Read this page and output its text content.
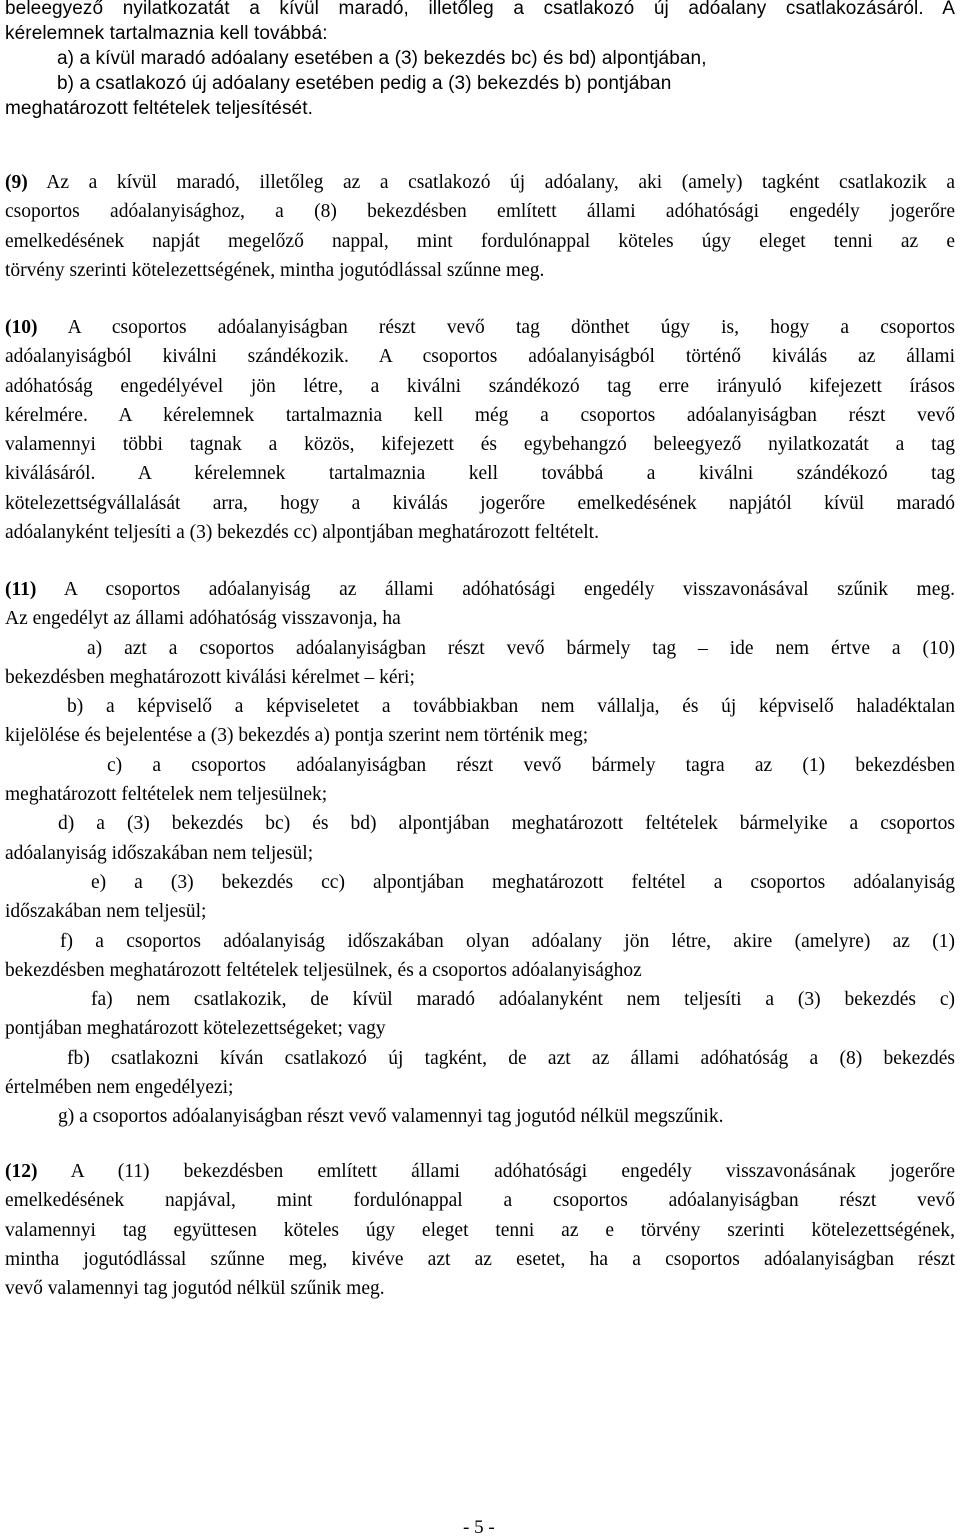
beleegyező nyilatkozatát a kívül maradó, illetőleg a csatlakozó új adóalany csatlakozásáról. A
kérelemnek tartalmaznia kell továbbá:
a) a kívül maradó adóalany esetében a (3) bekezdés bc) és bd) alpontjában,
b) a csatlakozó új adóalany esetében pedig a (3) bekezdés b) pontjában
meghatározott feltételek teljesítését.
(9) Az a kívül maradó, illetőleg az a csatlakozó új adóalany, aki (amely) tagként csatlakozik a
csoportos adóalanyisághoz, a (8) bekezdésben említett állami adóhatósági engedély jogerőre
emelkedésének napját megelőző nappal, mint fordulónappal köteles úgy eleget tenni az e
törvény szerinti kötelezettségének, mintha jogutódlással szűnne meg.
(10) A csoportos adóalanyiságban részt vevő tag dönthet úgy is, hogy a csoportos
adóalanyiságból kiválni szándékozik. A csoportos adóalanyiságból történő kiválás az állami
adóhatóság engedélyével jön létre, a kiválni szándékozó tag erre irányuló kifejezett írásos
kérelmére. A kérelemnek tartalmaznia kell még a csoportos adóalanyiságban részt vevő
valamennyi többi tagnak a közös, kifejezett és egybehangzó beleegyező nyilatkozatát a tag
kiválásáról. A kérelemnek tartalmaznia kell továbbá a kiválni szándékozó tag
kötelezettségvállalását arra, hogy a kiválás jogerőre emelkedésének napjától kívül maradó
adóalanyként teljesíti a (3) bekezdés cc) alpontjában meghatározott feltételt.
(11) A csoportos adóalanyiság az állami adóhatósági engedély visszavonásával szűnik meg.
Az engedélyt az állami adóhatóság visszavonja, ha
a) azt a csoportos adóalanyiságban részt vevő bármely tag – ide nem értve a (10)
bekezdésben meghatározott kiválási kérelmet – kéri;
b) a képviselő a képviseletet a továbbiakban nem vállalja, és új képviselő haladéktalan
kijelölése és bejelentése a (3) bekezdés a) pontja szerint nem történik meg;
c) a csoportos adóalanyiságban részt vevő bármely tagra az (1) bekezdésben
meghatározott feltételek nem teljesülnek;
d) a (3) bekezdés bc) és bd) alpontjában meghatározott feltételek bármelyike a csoportos
adóalanyiság időszakában nem teljesül;
e) a (3) bekezdés cc) alpontjában meghatározott feltétel a csoportos adóalanyiság
időszakában nem teljesül;
f) a csoportos adóalanyiság időszakában olyan adóalany jön létre, akire (amelyre) az (1)
bekezdésben meghatározott feltételek teljesülnek, és a csoportos adóalanyisághoz
fa) nem csatlakozik, de kívül maradó adóalanyként nem teljesíti a (3) bekezdés c)
pontjában meghatározott kötelezettségeket; vagy
fb) csatlakozni kíván csatlakozó új tagként, de azt az állami adóhatóság a (8) bekezdés
értelmében nem engedélyezi;
g) a csoportos adóalanyiságban részt vevő valamennyi tag jogutód nélkül megszűnik.
(12) A (11) bekezdésben említett állami adóhatósági engedély visszavonásának jogerőre
emelkedésének napjával, mint fordulónappal a csoportos adóalanyiságban részt vevő
valamennyi tag együttesen köteles úgy eleget tenni az e törvény szerinti kötelezettségének,
mintha jogutódlással szűnne meg, kivéve azt az esetet, ha a csoportos adóalanyiságban részt
vevő valamennyi tag jogutód nélkül szűnik meg.
- 5 -
